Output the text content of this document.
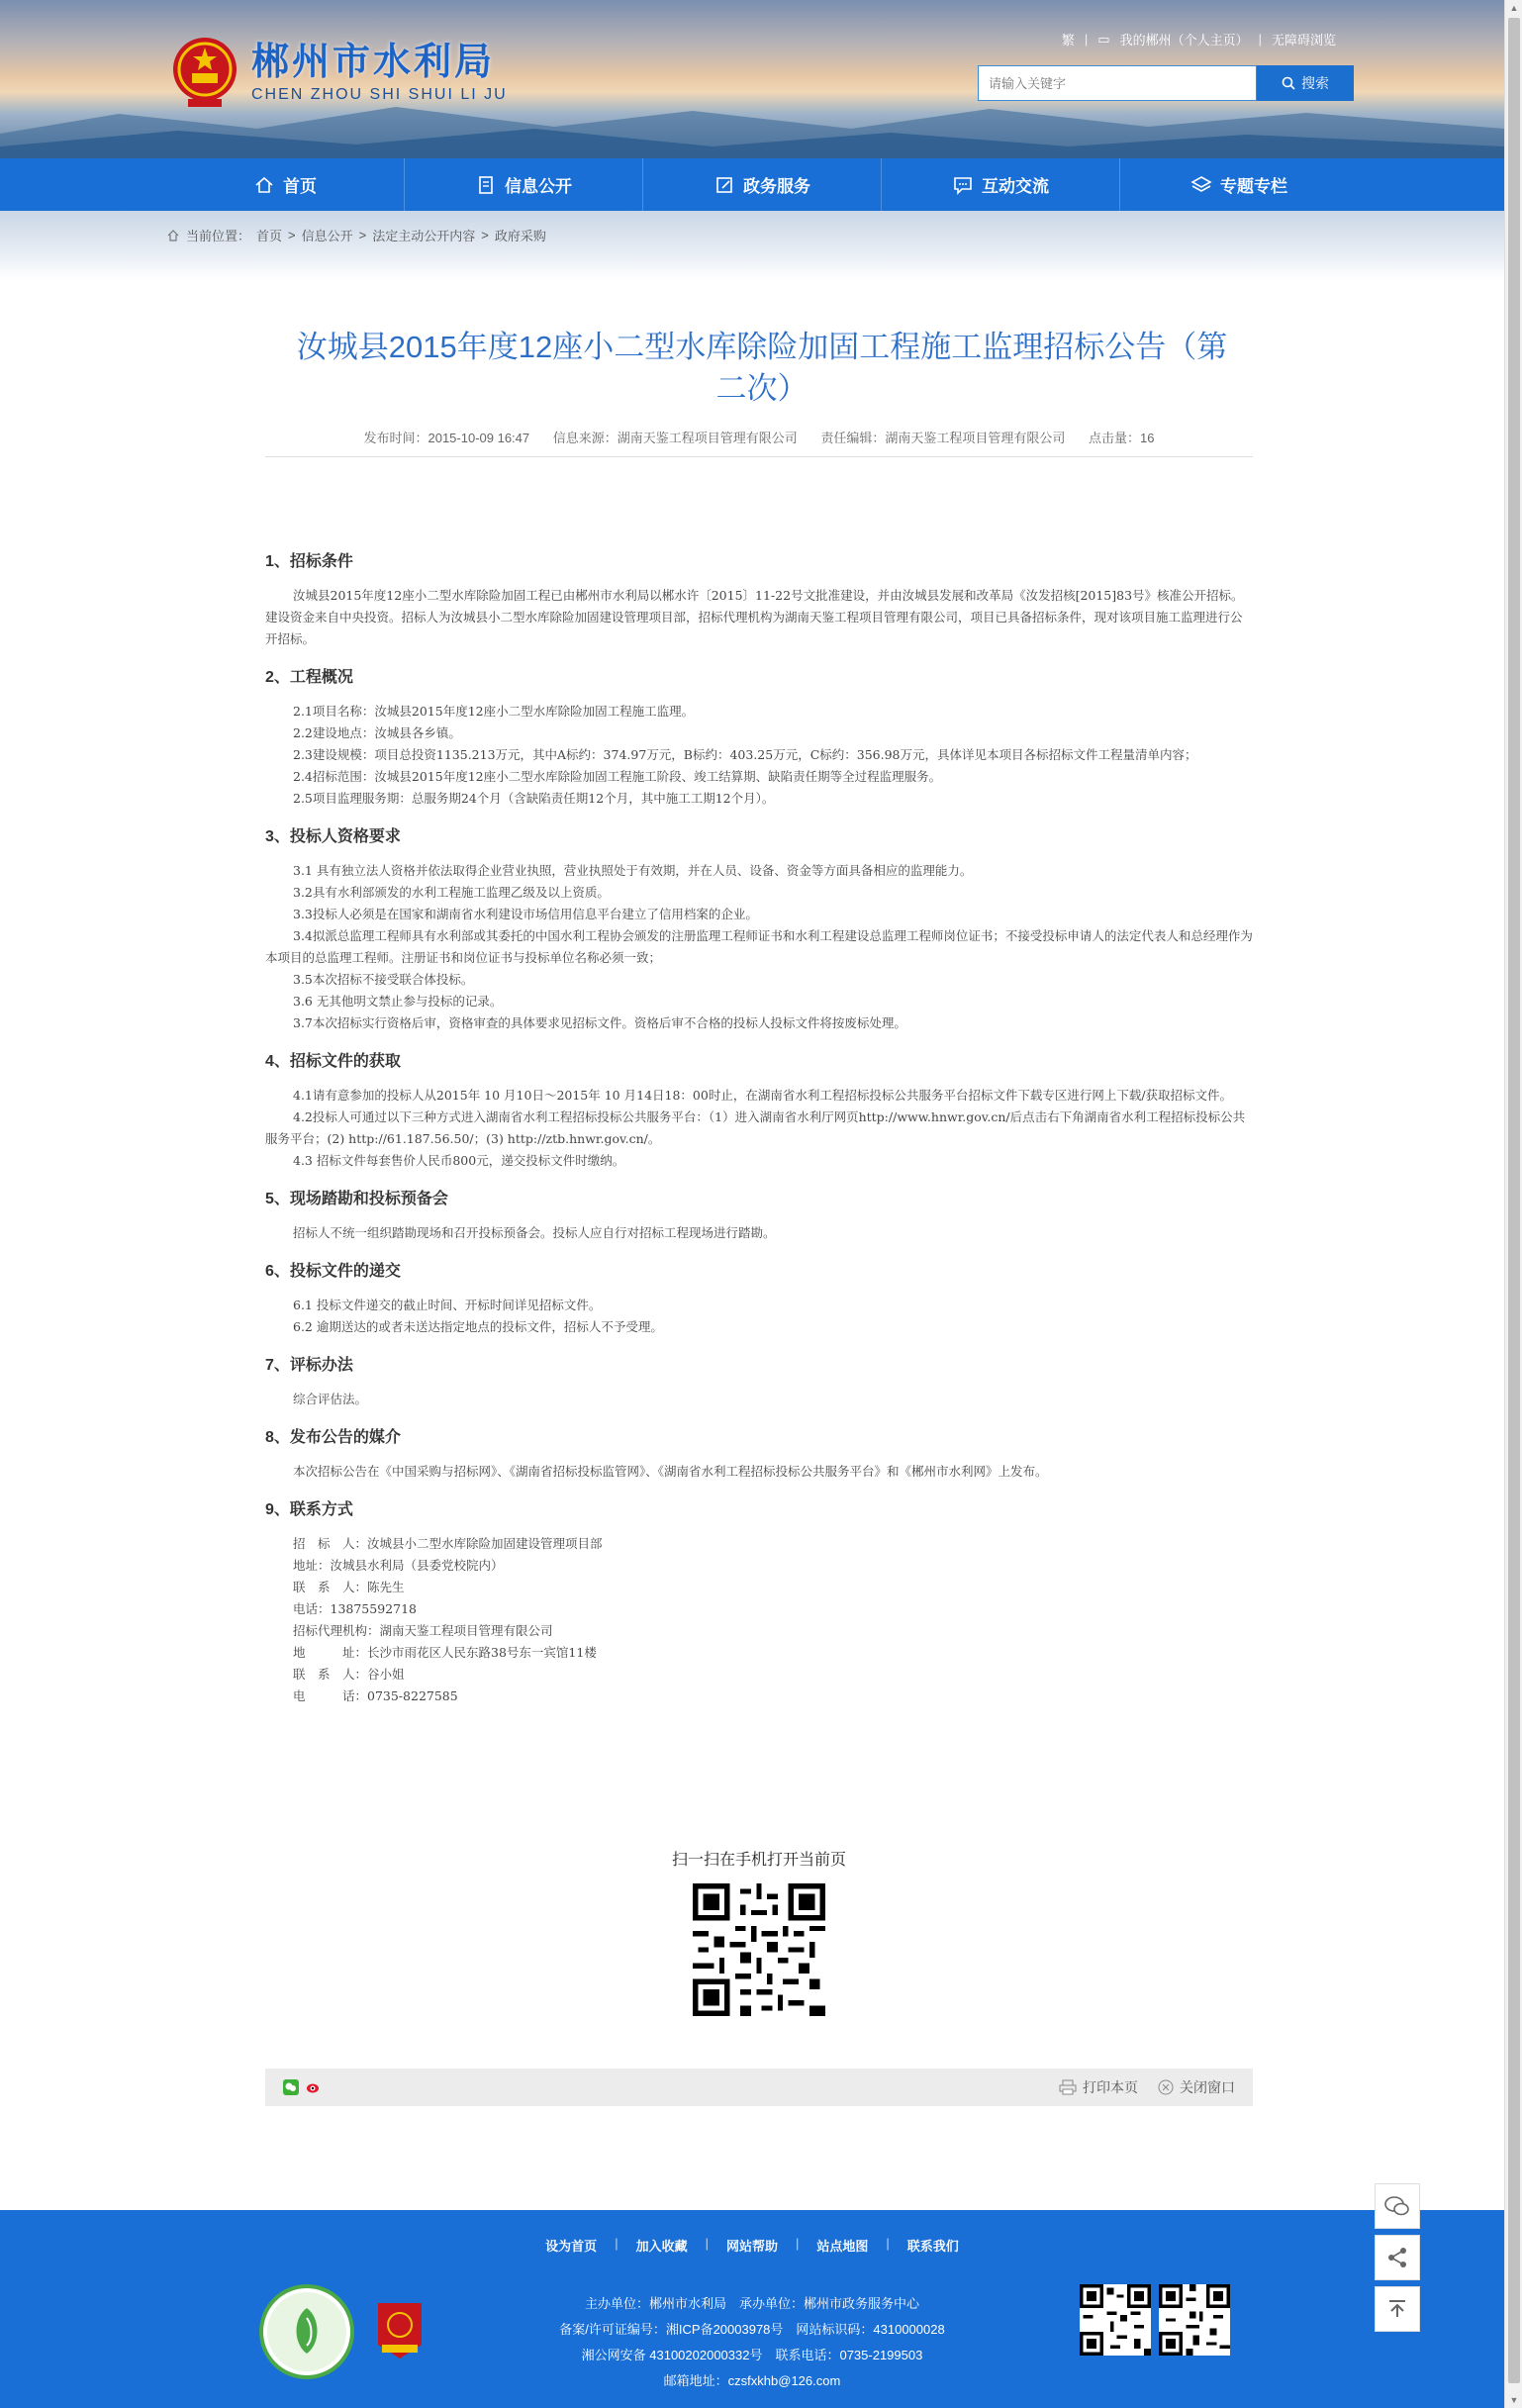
郴州市水利局
CHEN ZHOU SHI SHUI LI JU
繁 | ▭ 我的郴州（个人主页） | 无障碍浏览
请输入关键字
搜索
首页	信息公开	政务服务	互动交流	专题专栏
当前位置： 首页 > 信息公开 > 法定主动公开内容 > 政府采购
汝城县2015年度12座小二型水库除险加固工程施工监理招标公告（第二次）
发布时间：2015-10-09 16:47 信息来源：湖南天鉴工程项目管理有限公司 责任编辑：湖南天鉴工程项目管理有限公司 点击量：16
1、招标条件
汝城县2015年度12座小二型水库除险加固工程已由郴州市水利局以郴水许〔2015〕11-22号文批准建设，并由汝城县发展和改革局《汝发招核[2015]83号》核准公开招标。建设资金来自中央投资。招标人为汝城县小二型水库除险加固建设管理项目部，招标代理机构为湖南天鉴工程项目管理有限公司，项目已具备招标条件，现对该项目施工监理进行公开招标。
2、工程概况
2.1项目名称：汝城县2015年度12座小二型水库除险加固工程施工监理。
2.2建设地点：汝城县各乡镇。
2.3建设规模：项目总投资1135.213万元，其中A标约：374.97万元，B标约：403.25万元，C标约：356.98万元，具体详见本项目各标招标文件工程量清单内容；
2.4招标范围：汝城县2015年度12座小二型水库除险加固工程施工阶段、竣工结算期、缺陷责任期等全过程监理服务。
2.5项目监理服务期：总服务期24个月（含缺陷责任期12个月，其中施工工期12个月）。
3、投标人资格要求
3.1 具有独立法人资格并依法取得企业营业执照，营业执照处于有效期，并在人员、设备、资金等方面具备相应的监理能力。
3.2具有水利部颁发的水利工程施工监理乙级及以上资质。
3.3投标人必须是在国家和湖南省水利建设市场信用信息平台建立了信用档案的企业。
3.4拟派总监理工程师具有水利部或其委托的中国水利工程协会颁发的注册监理工程师证书和水利工程建设总监理工程师岗位证书；不接受投标申请人的法定代表人和总经理作为本项目的总监理工程师。注册证书和岗位证书与投标单位名称必须一致；
3.5本次招标不接受联合体投标。
3.6 无其他明文禁止参与投标的记录。
3.7本次招标实行资格后审，资格审查的具体要求见招标文件。资格后审不合格的投标人投标文件将按废标处理。
4、招标文件的获取
4.1请有意参加的投标人从2015年 10 月10日～2015年 10 月14日18：00时止，在湖南省水利工程招标投标公共服务平台招标文件下载专区进行网上下载/获取招标文件。
4.2投标人可通过以下三种方式进入湖南省水利工程招标投标公共服务平台：（1）进入湖南省水利厅网页http://www.hnwr.gov.cn/后点击右下角湖南省水利工程招标投标公共服务平台；(2) http://61.187.56.50/；(3) http://ztb.hnwr.gov.cn/。
4.3 招标文件每套售价人民币800元，递交投标文件时缴纳。
5、现场踏勘和投标预备会
招标人不统一组织踏勘现场和召开投标预备会。投标人应自行对招标工程现场进行踏勘。
6、投标文件的递交
6.1 投标文件递交的截止时间、开标时间详见招标文件。
6.2 逾期送达的或者未送达指定地点的投标文件，招标人不予受理。
7、评标办法
综合评估法。
8、发布公告的媒介
本次招标公告在《中国采购与招标网》、《湖南省招标投标监管网》、《湖南省水利工程招标投标公共服务平台》和《郴州市水利网》上发布。
9、联系方式
招　标　人：汝城县小二型水库除险加固建设管理项目部
地址：汝城县水利局（县委党校院内）
联　系　人：陈先生
电话：13875592718
招标代理机构：湖南天鉴工程项目管理有限公司
地　　　址：长沙市雨花区人民东路38号东一宾馆11楼
联　系　人：谷小姐
电　　　话：0735-8227585
扫一扫在手机打开当前页
打印本页	关闭窗口
设为首页 | 加入收藏 | 网站帮助 | 站点地图 | 联系我们
主办单位：郴州市水利局　承办单位：郴州市政务服务中心
备案/许可证编号：湘ICP备20003978号　网站标识码：4310000028
湘公网安备 43100202000332号　联系电话：0735-2199503
邮箱地址：czsfxkhb@126.com
▲
▼
